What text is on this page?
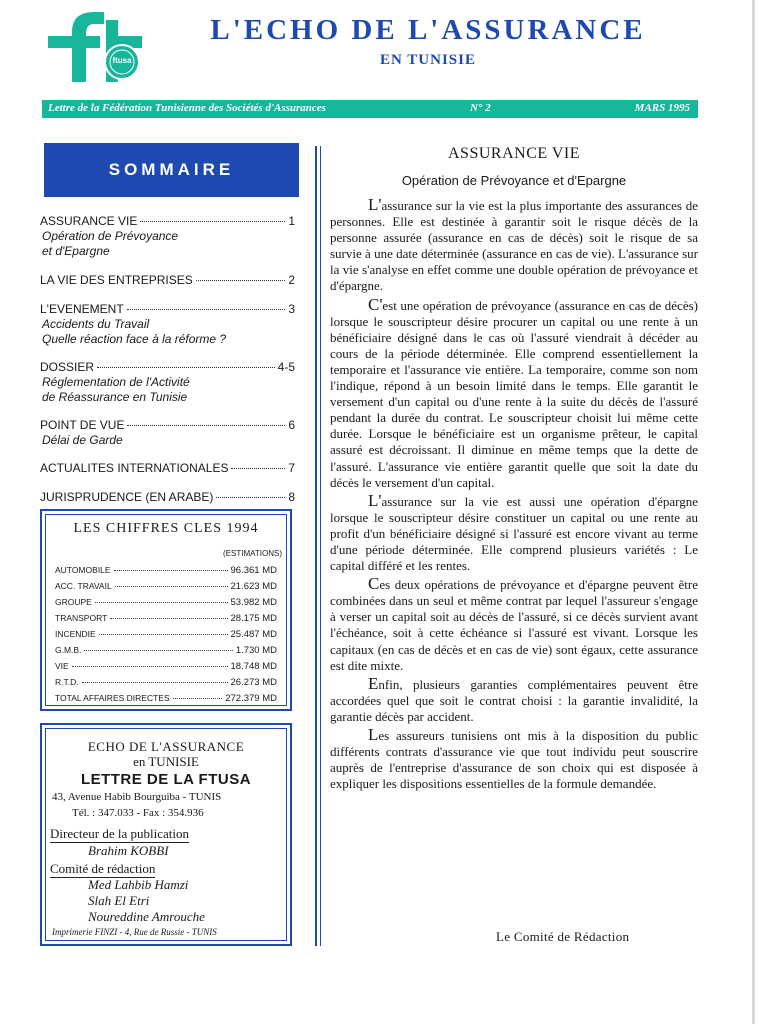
ftusa
L'ECHO DE L'ASSURANCE
EN TUNISIE
Lettre de la Fédération Tunisienne des Sociétés d'Assurances	N° 2	MARS 1995
SOMMAIRE
ASSURANCE VIE	1
Opération de Prévoyance
et d'Epargne
LA VIE DES ENTREPRISES	2
L'EVENEMENT	3
Accidents du Travail
Quelle réaction face à la réforme ?
DOSSIER	4-5
Réglementation de l'Activité
de Réassurance en Tunisie
POINT DE VUE	6
Délai de Garde
ACTUALITES INTERNATIONALES	7
JURISPRUDENCE (EN ARABE)	8
LES CHIFFRES CLES 1994
(ESTIMATIONS)
AUTOMOBILE	96.361 MD
ACC. TRAVAIL	21.623 MD
GROUPE	53.982 MD
TRANSPORT	28.175 MD
INCENDIE	25.487 MD
G.M.B.	1.730 MD
VIE	18.748 MD
R.T.D.	26.273 MD
TOTAL AFFAIRES DIRECTES	272.379 MD
ECHO DE L'ASSURANCE
en TUNISIE
LETTRE DE LA FTUSA
43, Avenue Habib Bourguiba - TUNIS
Tél. : 347.033 - Fax : 354.936
Directeur de la publication
Brahim KOBBI
Comité de rédaction
Med Lahbib Hamzi
Slah El Etri
Noureddine Amrouche
Imprimerie FINZI - 4, Rue de Russie - TUNIS
ASSURANCE VIE
Opération de Prévoyance et d'Epargne

L'assurance sur la vie est la plus importante des assurances de personnes. Elle est destinée à garantir soit le risque décès de la personne assurée (assurance en cas de décès) soit le risque de sa survie à une date déterminée (assurance en cas de vie). L'assurance sur la vie s'analyse en effet comme une double opération de prévoyance et d'épargne.

C'est une opération de prévoyance (assurance en cas de décès) lorsque le souscripteur désire procurer un capital ou une rente à un bénéficiaire désigné dans le cas où l'assuré viendrait à décéder au cours de la période déterminée. Elle comprend essentiellement la temporaire et l'assurance vie entière. La temporaire, comme son nom l'indique, répond à un besoin limité dans le temps. Elle garantit le versement d'un capital ou d'une rente à la suite du décès de l'assuré pendant la durée du contrat. Le souscripteur choisit lui même cette durée. Lorsque le bénéficiaire est un organisme prêteur, le capital assuré est décroissant. Il diminue en même temps que la dette de l'assuré. L'assurance vie entière garantit quelle que soit la date du décès le versement d'un capital.

L'assurance sur la vie est aussi une opération d'épargne lorsque le souscripteur désire constituer un capital ou une rente au profit d'un bénéficiaire désigné si l'assuré est encore vivant au terme d'une période déterminée. Elle comprend plusieurs variétés : Le capital différé et les rentes.

Ces deux opérations de prévoyance et d'épargne peuvent être combinées dans un seul et même contrat par lequel l'assureur s'engage à verser un capital soit au décès de l'assuré, si ce décès survient avant l'échéance, soit à cette échéance si l'assuré est vivant. Lorsque les capitaux (en cas de décès et en cas de vie) sont égaux, cette assurance est dite mixte.

Enfin, plusieurs garanties complémentaires peuvent être accordées quel que soit le contrat choisi : la garantie invalidité, la garantie décès par accident.

Les assureurs tunisiens ont mis à la disposition du public différents contrats d'assurance vie que tout individu peut souscrire auprès de l'entreprise d'assurance de son choix qui est disposée à expliquer les dispositions essentielles de la formule demandée.

Le Comité de Rédaction
